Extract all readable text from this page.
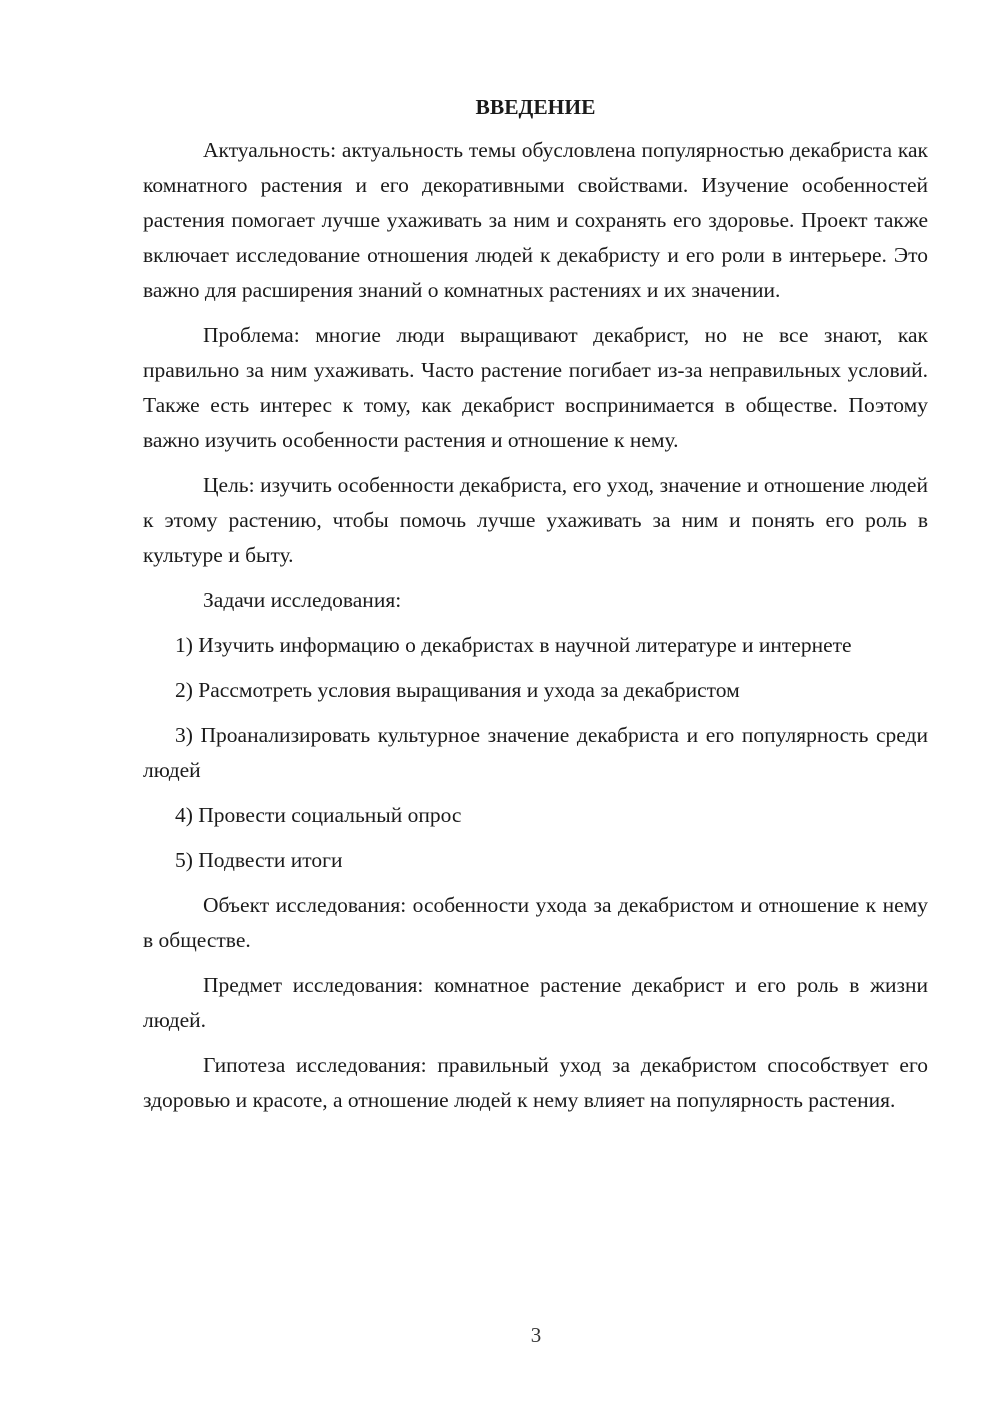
ВВЕДЕНИЕ
Актуальность: актуальность темы обусловлена популярностью декабриста как комнатного растения и его декоративными свойствами. Изучение особенностей растения помогает лучше ухаживать за ним и сохранять его здоровье. Проект также включает исследование отношения людей к декабристу и его роли в интерьере. Это важно для расширения знаний о комнатных растениях и их значении.
Проблема: многие люди выращивают декабрист, но не все знают, как правильно за ним ухаживать. Часто растение погибает из-за неправильных условий. Также есть интерес к тому, как декабрист воспринимается в обществе. Поэтому важно изучить особенности растения и отношение к нему.
Цель: изучить особенности декабриста, его уход, значение и отношение людей к этому растению, чтобы помочь лучше ухаживать за ним и понять его роль в культуре и быту.
Задачи исследования:
1) Изучить информацию о декабристах в научной литературе и интернете
2) Рассмотреть условия выращивания и ухода за декабристом
3) Проанализировать культурное значение декабриста и его популярность среди людей
4) Провести социальный опрос
5) Подвести итоги
Объект исследования: особенности ухода за декабристом и отношение к нему в обществе.
Предмет исследования: комнатное растение декабрист и его роль в жизни людей.
Гипотеза исследования: правильный уход за декабристом способствует его здоровью и красоте, а отношение людей к нему влияет на популярность растения.
3
